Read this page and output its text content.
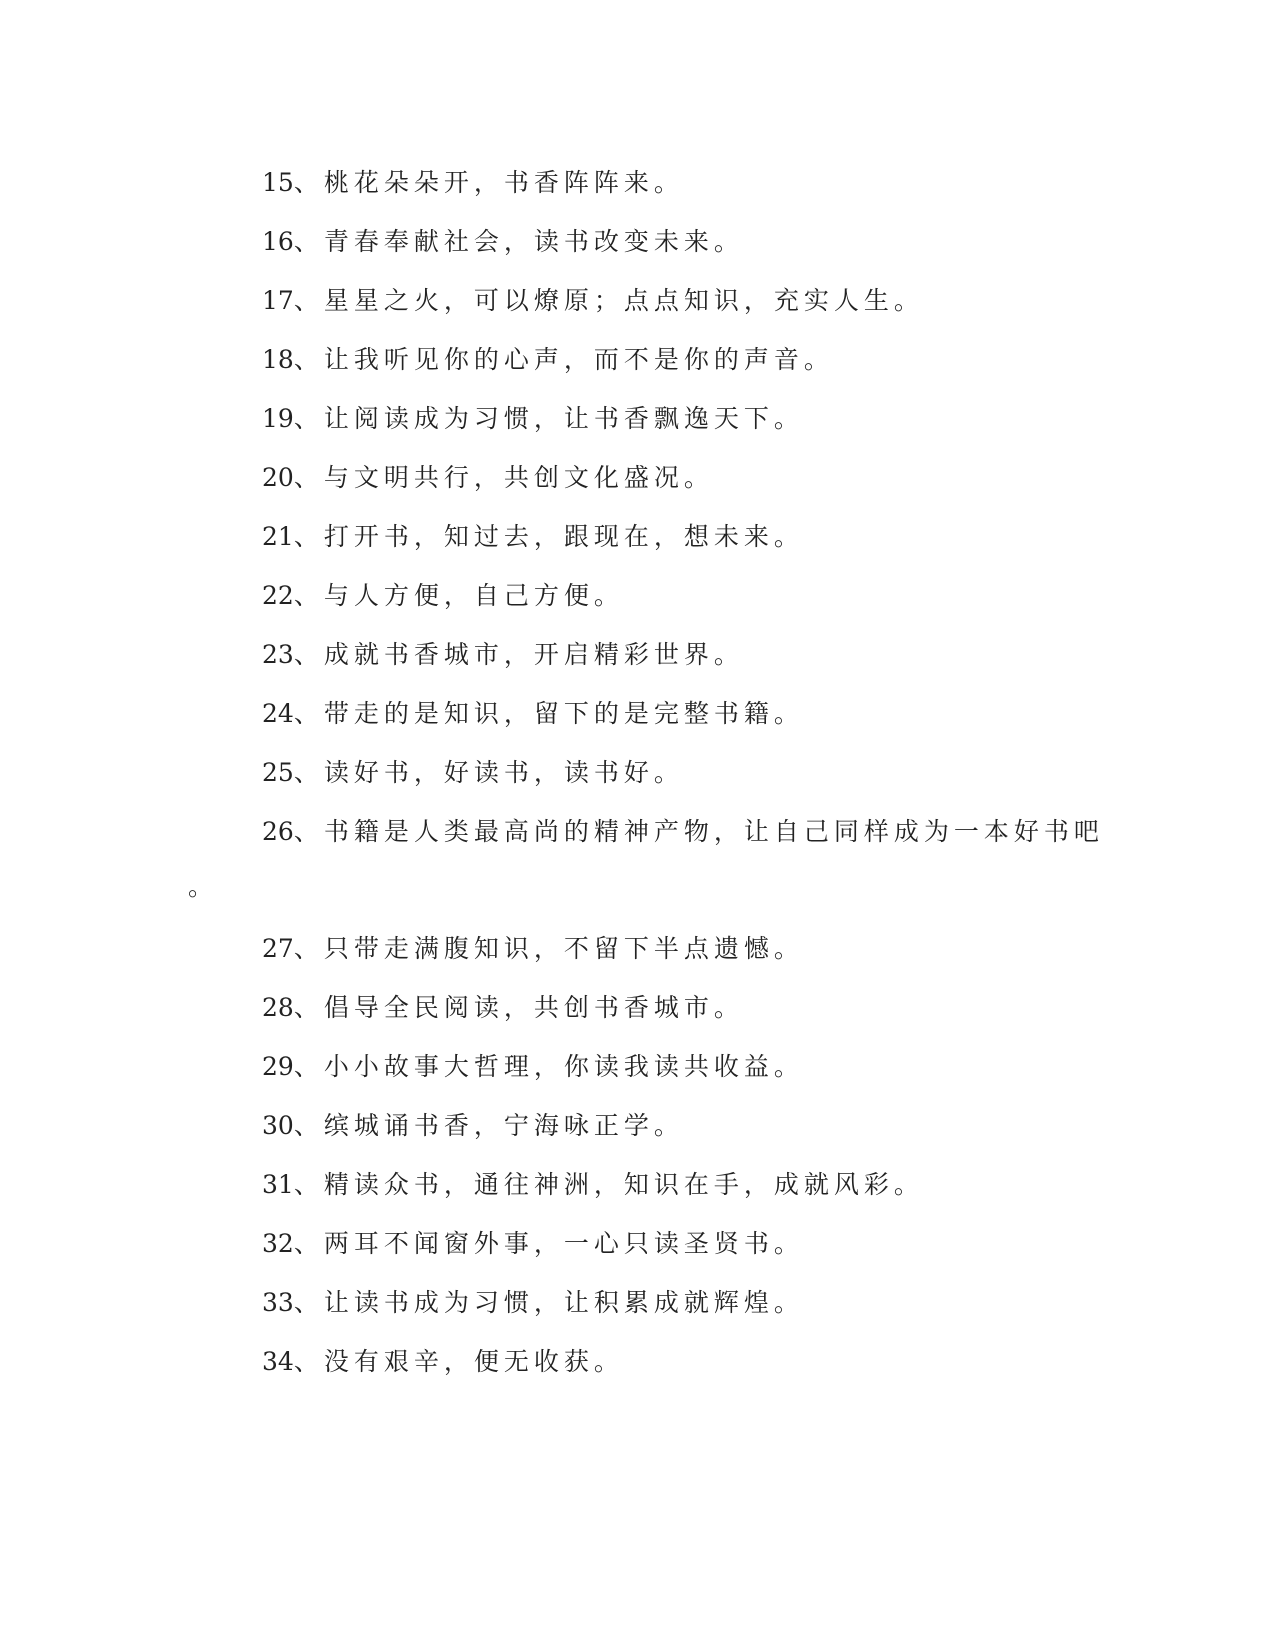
15、桃花朵朵开，书香阵阵来。
16、青春奉献社会，读书改变未来。
17、星星之火，可以燎原；点点知识，充实人生。
18、让我听见你的心声，而不是你的声音。
19、让阅读成为习惯，让书香飘逸天下。
20、与文明共行，共创文化盛况。
21、打开书，知过去，跟现在，想未来。
22、与人方便，自己方便。
23、成就书香城市，开启精彩世界。
24、带走的是知识，留下的是完整书籍。
25、读好书，好读书，读书好。
26、书籍是人类最高尚的精神产物，让自己同样成为一本好书吧
。
27、只带走满腹知识，不留下半点遗憾。
28、倡导全民阅读，共创书香城市。
29、小小故事大哲理，你读我读共收益。
30、缤城诵书香，宁海咏正学。
31、精读众书，通往神洲，知识在手，成就风彩。
32、两耳不闻窗外事，一心只读圣贤书。
33、让读书成为习惯，让积累成就辉煌。
34、没有艰辛，便无收获。
